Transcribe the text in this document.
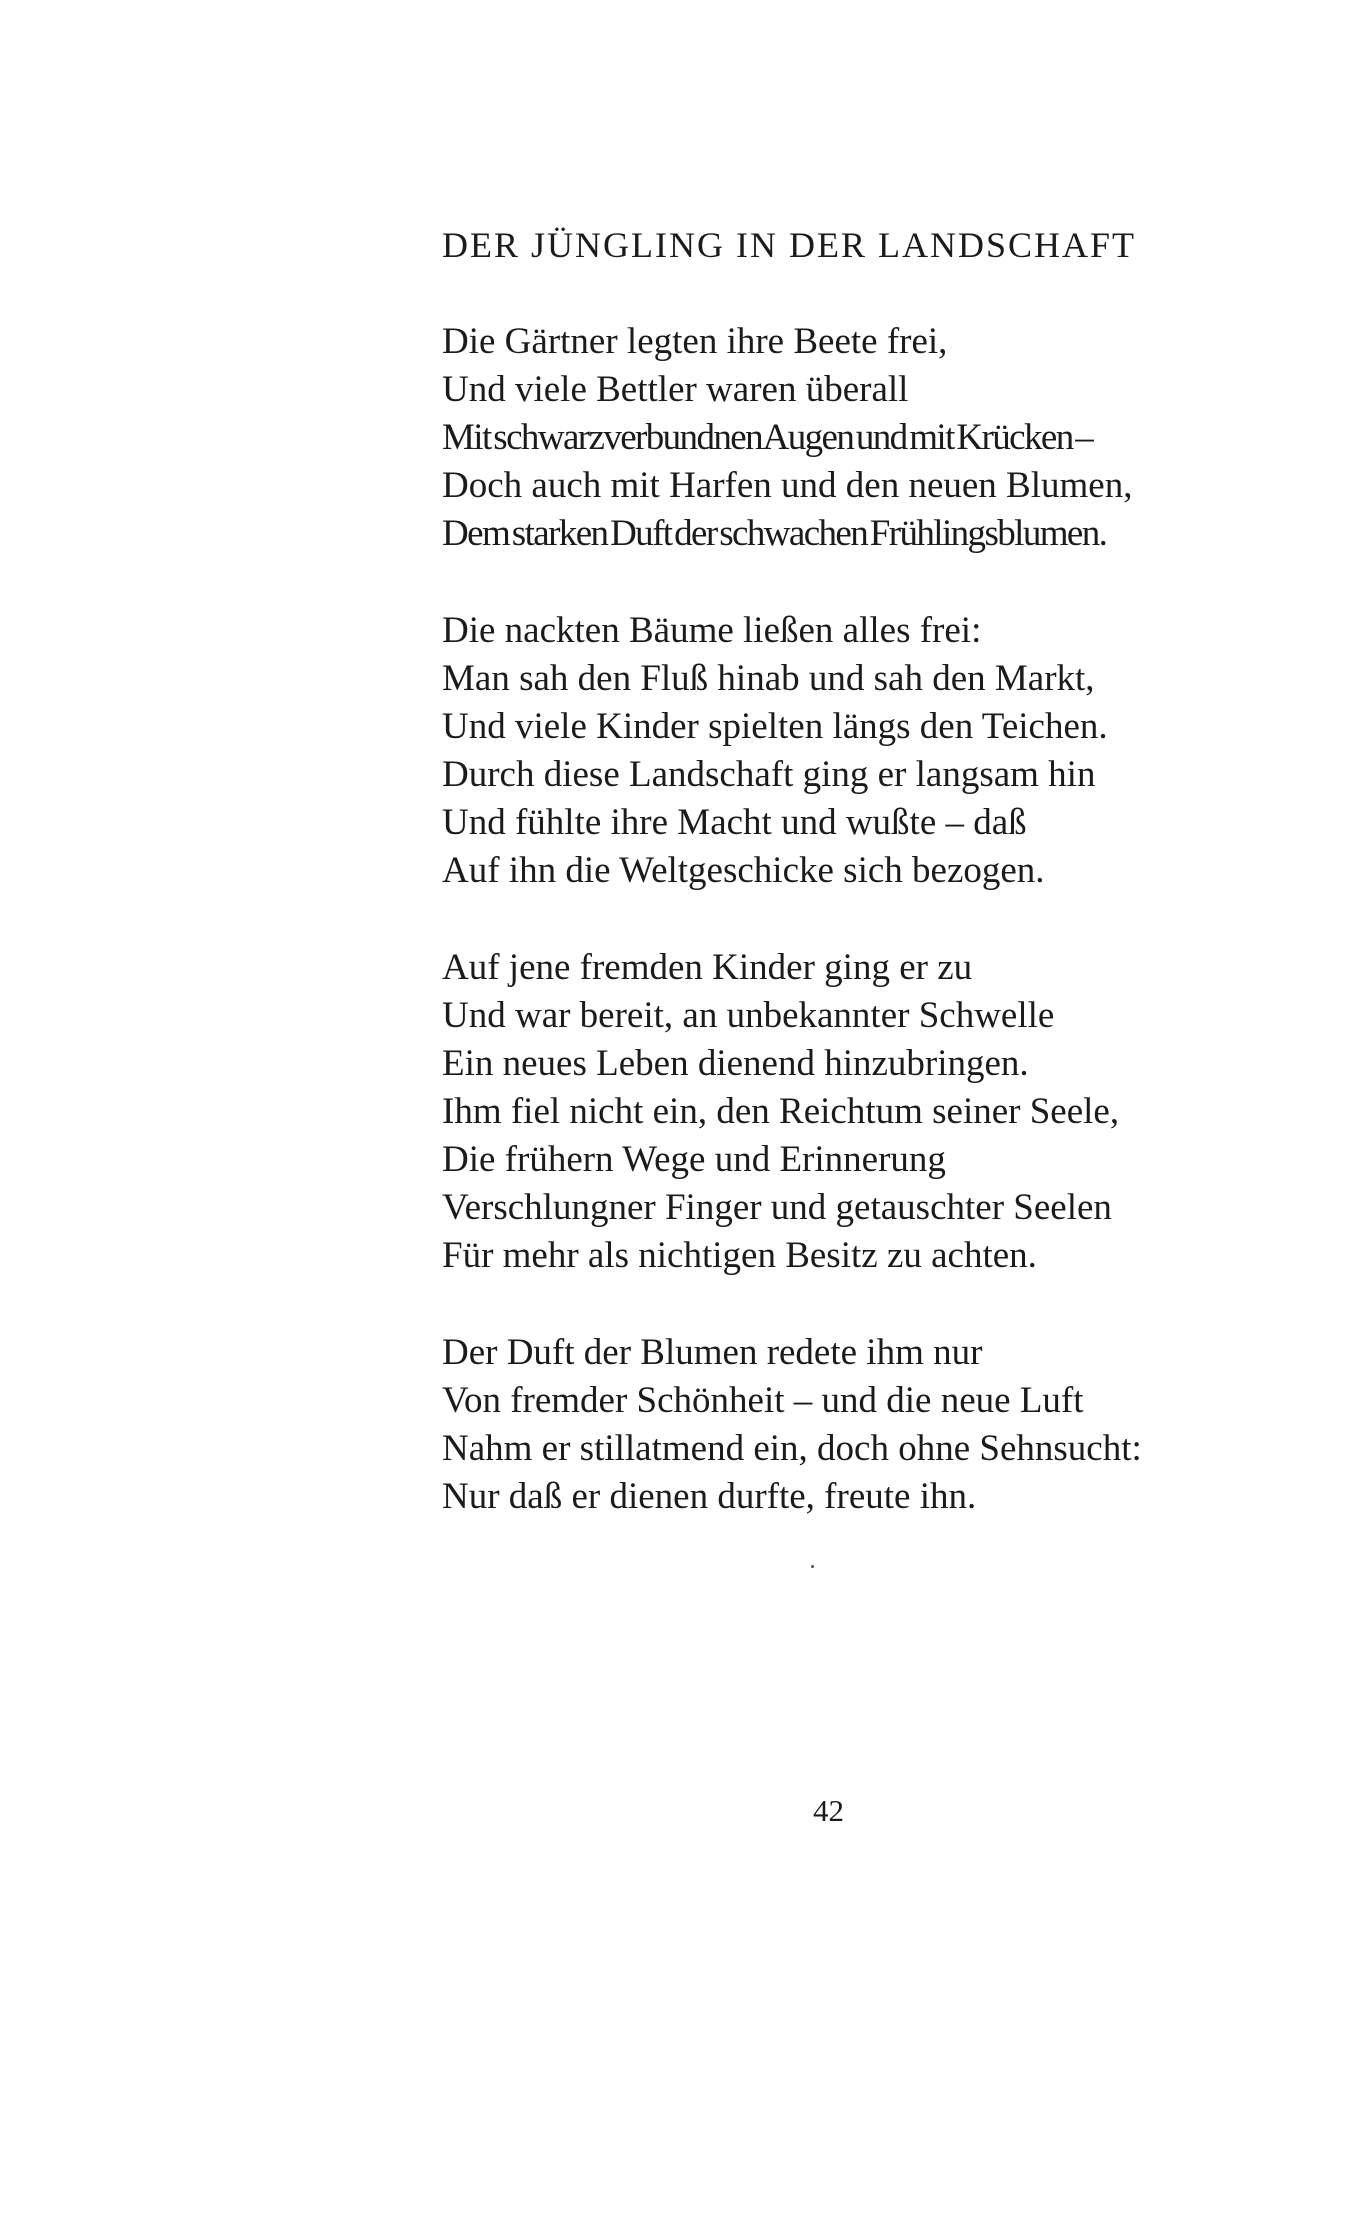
DER JÜNGLING IN DER LANDSCHAFT
Die Gärtner legten ihre Beete frei,
Und viele Bettler waren überall
Mit schwarzverbundnen Augen und mit Krücken –
Doch auch mit Harfen und den neuen Blumen,
Dem starken Duft der schwachen Frühlingsblumen.
Die nackten Bäume ließen alles frei:
Man sah den Fluß hinab und sah den Markt,
Und viele Kinder spielten längs den Teichen.
Durch diese Landschaft ging er langsam hin
Und fühlte ihre Macht und wußte – daß
Auf ihn die Weltgeschicke sich bezogen.
Auf jene fremden Kinder ging er zu
Und war bereit, an unbekannter Schwelle
Ein neues Leben dienend hinzubringen.
Ihm fiel nicht ein, den Reichtum seiner Seele,
Die frühern Wege und Erinnerung
Verschlungner Finger und getauschter Seelen
Für mehr als nichtigen Besitz zu achten.
Der Duft der Blumen redete ihm nur
Von fremder Schönheit – und die neue Luft
Nahm er stillatmend ein, doch ohne Sehnsucht:
Nur daß er dienen durfte, freute ihn.
42
